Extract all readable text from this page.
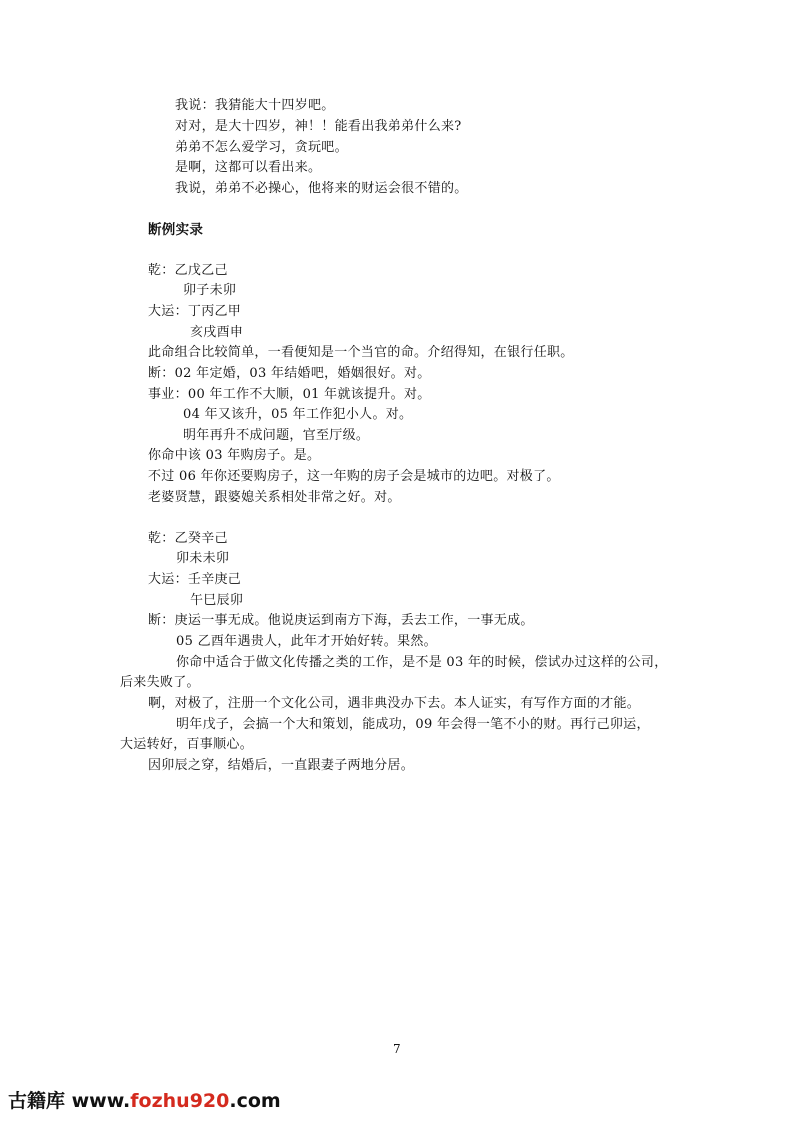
我说：我猜能大十四岁吧。
对对，是大十四岁，神！！能看出我弟弟什么来?
弟弟不怎么爱学习，贪玩吧。
是啊，这都可以看出来。
我说，弟弟不必操心，他将来的财运会很不错的。
断例实录
乾：乙戊乙己
卯子未卯
大运：丁丙乙甲
亥戌酉申
此命组合比较简单，一看便知是一个当官的命。介绍得知，在银行任职。
断：02 年定婚，03 年结婚吧，婚姻很好。对。
事业：00 年工作不大顺，01 年就该提升。对。
04 年又该升，05 年工作犯小人。对。
明年再升不成问题，官至厅级。
你命中该 03 年购房子。是。
不过 06 年你还要购房子，这一年购的房子会是城市的边吧。对极了。
老婆贤慧，跟婆媳关系相处非常之好。对。
乾：乙癸辛己
卯未未卯
大运：壬辛庚己
午巳辰卯
断：庚运一事无成。他说庚运到南方下海，丢去工作，一事无成。
05 乙酉年遇贵人，此年才开始好转。果然。
你命中适合于做文化传播之类的工作，是不是 03 年的时候，偿试办过这样的公司，
后来失败了。
啊，对极了，注册一个文化公司，遇非典没办下去。本人证实，有写作方面的才能。
明年戊子，会搞一个大和策划，能成功，09 年会得一笔不小的财。再行己卯运，
大运转好，百事顺心。
因卯辰之穿，结婚后，一直跟妻子两地分居。
7
古籍库 www.fozhu920.com
